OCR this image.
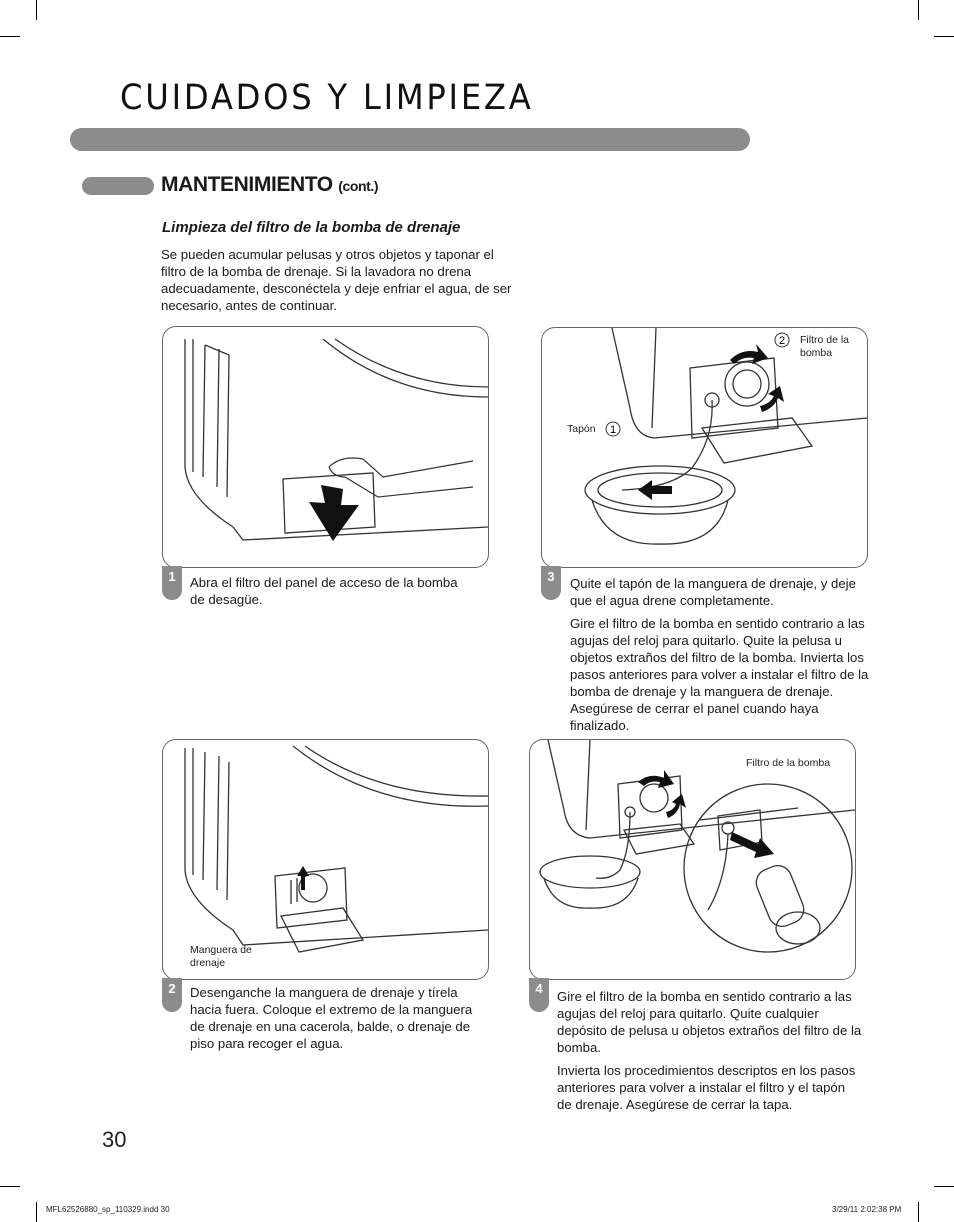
CUIDADOS Y LIMPIEZA
MANTENIMIENTO (cont.)
Limpieza del filtro de la bomba de drenaje
Se pueden acumular pelusas y otros objetos y taponar el filtro de la bomba de drenaje. Si la lavadora no drena adecuadamente, desconéctela y deje enfriar el agua, de ser necesario, antes de continuar.
1	Abra el filtro del panel de acceso de la bomba de desagüe.

2
1
Filtro de la bomba
Tapón
3	Quite el tapón de la manguera de drenaje, y deje que el agua drene completamente.

Gire el filtro de la bomba en sentido contrario a las agujas del reloj para quitarlo. Quite la pelusa u objetos extraños del filtro de la bomba. Invierta los pasos anteriores para volver a instalar el filtro de la bomba de drenaje y la manguera de drenaje. Asegúrese de cerrar el panel cuando haya finalizado.

Manguera de drenaje
2	Desenganche la manguera de drenaje y tírela hacia fuera. Coloque el extremo de la manguera de drenaje en una cacerola, balde, o drenaje de piso para recoger el agua.

Filtro de la bomba
4

Gire el filtro de la bomba en sentido contrario a las agujas del reloj para quitarlo. Quite cualquier depósito de pelusa u objetos extraños del filtro de la bomba.

Invierta los procedimientos descriptos en los pasos anteriores para volver a instalar el filtro y el tapón de drenaje. Asegúrese de cerrar la tapa.

30
MFL62526880_sp_110329.indd 30	3/29/11 2:02:38 PM
